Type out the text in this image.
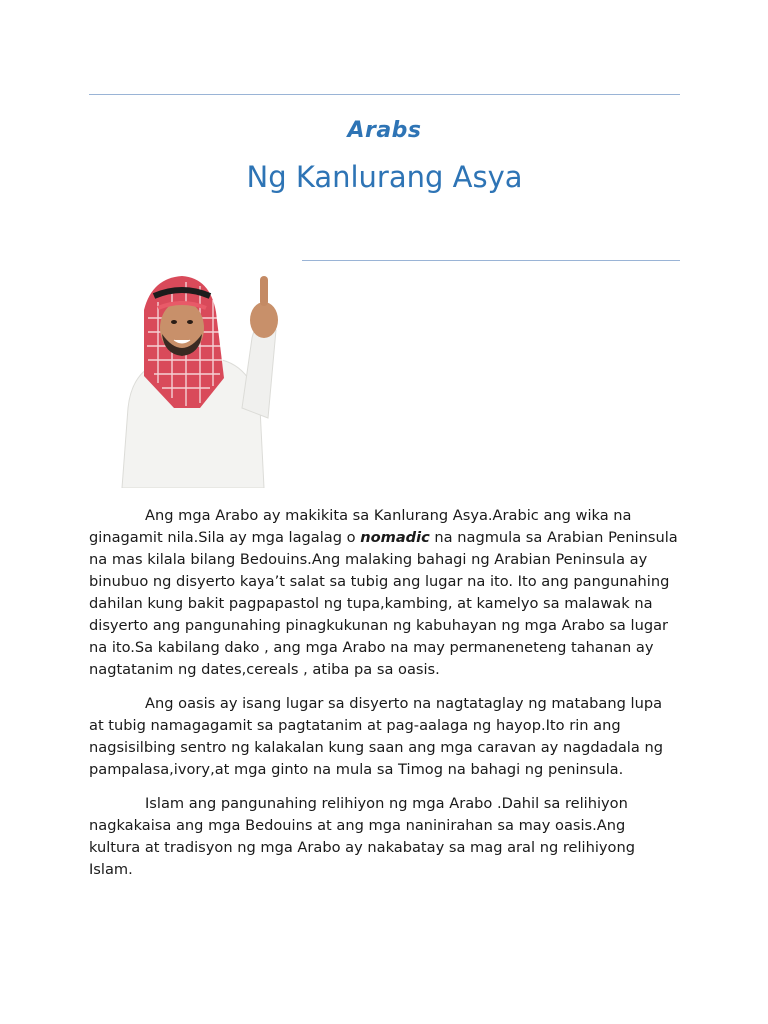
Arabs
Ng Kanlurang Asya

Ang mga Arabo ay makikita sa Kanlurang Asya.Arabic ang wika na ginagamit nila.Sila ay mga lagalag o nomadic na nagmula sa Arabian Peninsula na mas kilala bilang Bedouins.Ang malaking bahagi ng Arabian Peninsula ay binubuo ng disyerto kaya’t salat sa tubig ang lugar na ito. Ito ang pangunahing dahilan kung bakit pagpapastol ng tupa,kambing, at kamelyo sa malawak na disyerto ang pangunahing pinagkukunan ng kabuhayan ng mga Arabo sa lugar na ito.Sa kabilang dako , ang mga Arabo na may permaneneteng tahanan ay nagtatanim ng dates,cereals , atiba pa sa oasis.

Ang oasis ay isang lugar sa disyerto na nagtataglay ng matabang lupa at tubig namagagamit sa pagtatanim at pag-aalaga ng hayop.Ito rin ang nagsisilbing sentro ng kalakalan kung saan ang mga caravan ay nagdadala ng pampalasa,ivory,at mga ginto na mula sa Timog na bahagi ng peninsula.

Islam ang pangunahing relihiyon ng mga Arabo .Dahil sa relihiyon nagkakaisa ang mga Bedouins at ang mga naninirahan sa may oasis.Ang kultura at tradisyon ng mga Arabo ay nakabatay sa mag aral ng relihiyong Islam.
